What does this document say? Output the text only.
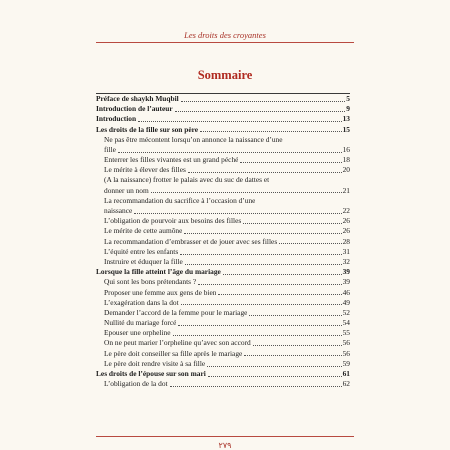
Les droits des croyantes
Sommaire
Préface de shaykh Muqbil	5
Introduction de l’auteur	9
Introduction	13
Les droits de la fille sur son père	15
Ne pas être mécontent lorsqu’on annonce la naissance d’une
fille	16
Enterrer les filles vivantes est un grand péché	18
Le mérite à élever des filles	20
(A la naissance) frotter le palais avec du suc de dattes et
donner un nom	21
La recommandation du sacrifice à l’occasion d’une
naissance	22
L’obligation de pourvoir aux besoins des filles	26
Le mérite de cette aumône	26
La recommandation d’embrasser et de jouer avec ses filles	28
L’équité entre les enfants	31
Instruire et éduquer la fille	32
Lorsque la fille atteint l’âge du mariage	39
Qui sont les bons prétendants ?	39
Proposer une femme aux gens de bien	46
L’exagération dans la dot	49
Demander l’accord de la femme pour le mariage	52
Nullité du mariage forcé	54
Epouser une orpheline	55
On ne peut marier l’orpheline qu’avec son accord	56
Le père doit conseiller sa fille après le mariage	56
Le père doit rendre visite à sa fille	59
Les droits de l’épouse sur son mari	61
L’obligation de la dot	62
٢٧٩
